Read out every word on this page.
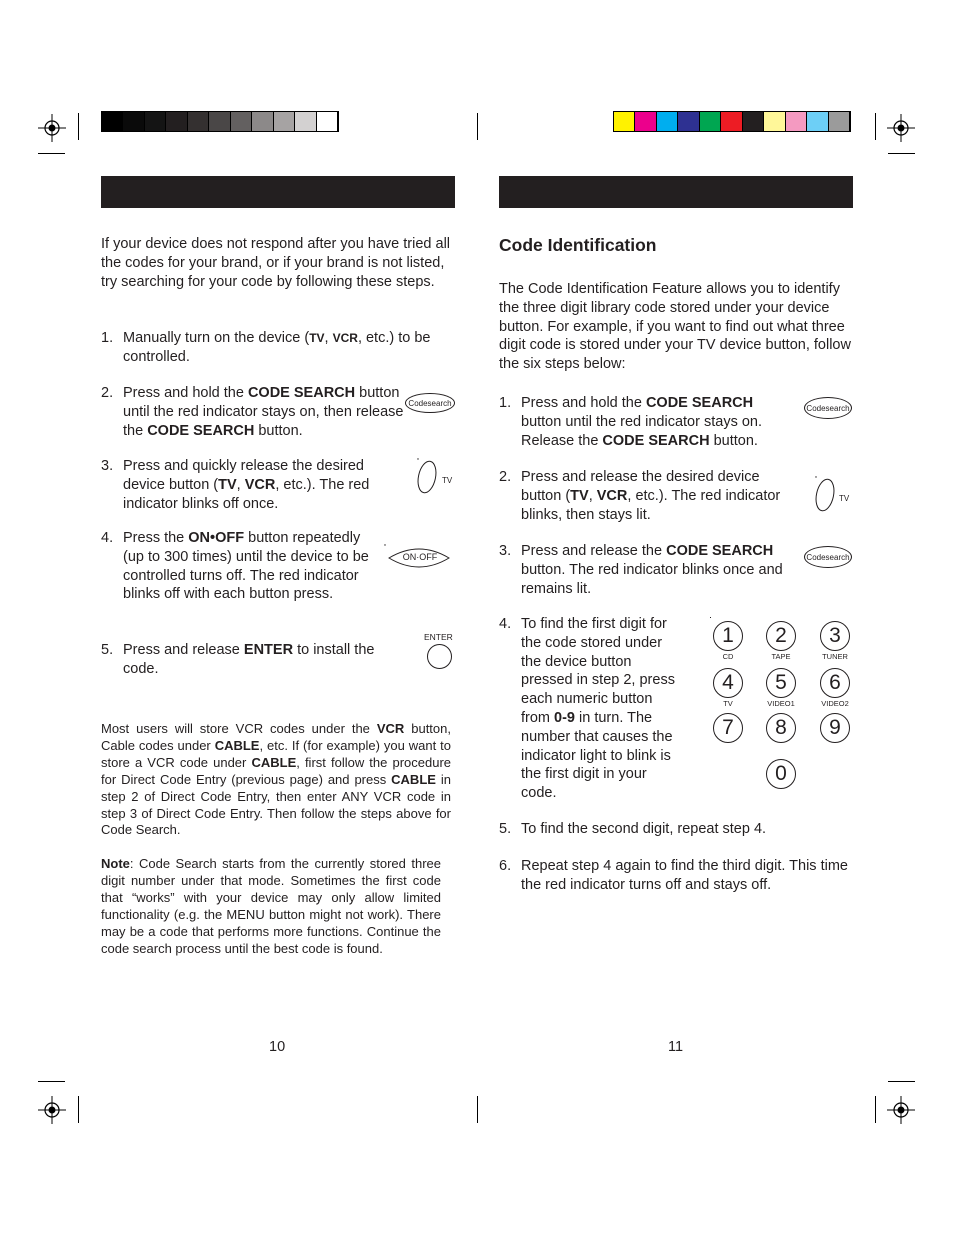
If your device does not respond after you have tried all the codes for your brand, or if your brand is not listed, try searching for your code by following these steps.

1. Manually turn on the device (TV, VCR, etc.) to be controlled.

2. Press and hold the CODE SEARCH button until the red indicator stays on, then release the CODE SEARCH button.

Codesearch
3. Press and quickly release the desired device button (TV, VCR, etc.). The red indicator blinks off once.

TV
4. Press the ON•OFF button repeatedly (up to 300 times) until the device to be controlled turns off. The red indicator blinks off with each button press.

ON·OFF
5. Press and release ENTER to install the code.

ENTER

Most users will store VCR codes under the VCR button, Cable codes under CABLE, etc. If (for example) you want to store a VCR code under CABLE, first follow the procedure for Direct Code Entry (previous page) and press CABLE in step 2 of Direct Code Entry, then enter ANY VCR code in step 3 of Direct Code Entry. Then follow the steps above for Code Search.

Note: Code Search starts from the currently stored three digit number under that mode. Sometimes the first code that “works” with your device may only allow limited functionality (e.g. the MENU button might not work). There may be a code that performs more functions. Continue the code search process until the best code is found.

10
Code Identification

The Code Identification Feature allows you to identify the three digit library code stored under your device button. For example, if you want to find out what three digit code is stored under your TV device button, follow the six steps below:

1. Press and hold the CODE SEARCH button until the red indicator stays on. Release the CODE SEARCH button.

Codesearch
2. Press and release the desired device button (TV, VCR, etc.). The red indicator blinks, then stays lit.

TV
3. Press and release the CODE SEARCH button. The red indicator blinks once and remains lit.

Codesearch
4. To find the first digit for the code stored under the device button pressed in step 2, press each numeric button from 0-9 in turn. The number that causes the indicator light to blink is the first digit in your code.

1
CD
2
TAPE
3
TUNER
4
TV
5
VIDEO1
6
VIDEO2
7	8	9
0
5. To find the second digit, repeat step 4.

6. Repeat step 4 again to find the third digit. This time the red indicator turns off and stays off.

11
